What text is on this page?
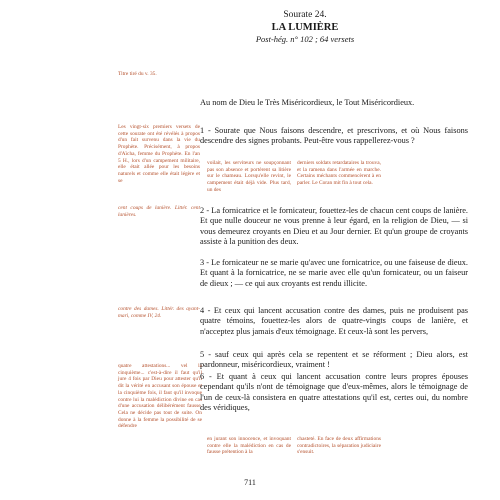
Sourate 24.
LA LUMIÈRE
Post-hég. n° 102 ; 64 versets
Titre tiré du v. 35.
Les vingt-six premiers versets de cette sourate ont été révélés à propos d'un fait survenu dans la vie du Prophète. Précisément, à propos d'Aïcha, femme du Prophète. En l'an 5 H., lors d'un campement militaire, elle était allée pour les besoins naturels et comme elle était légère et se
cent coups de lanière. Littér. cent lanières.
contre des dames. Littér. des ayant-mari, comme IV, 24.
quatre attestations... vel la cinquième... c'est-à-dire il faut qu'il jure 4 fois par Dieu pour attester qu'il dit la vérité en accusant son épouse et la cinquième fois, il faut qu'il invoque contre lui la malédiction divine en cas d'une accusation délibérément fausse. Cela ne décide pas tout de suite. On donne à la femme la possibilité de se défendre
voilait, les serviteurs ne soupçonnant pas son absence et portèrent sa litière sur le chameau. Lorsqu'elle revint, le campement était déjà vide. Plus tard, un des
derniers soldats retardataires la trouva, et la ramena dans l'armée en marche. Certains méchants commencèrent à en parler. Le Coran mit fin à tout cela.
Au nom de Dieu le Très Miséricordieux, le Tout Miséricordieux.
1 - Sourate que Nous faisons descendre, et prescrivons, et où Nous faisons descendre des signes probants. Peut-être vous rappellerez-vous ?
2 - La fornicatrice et le fornicateur, fouettez-les de chacun cent coups de lanière. Et que nulle douceur ne vous prenne à leur égard, en la religion de Dieu, — si vous demeurez croyants en Dieu et au Jour dernier. Et qu'un groupe de croyants assiste à la punition des deux.
3 - Le fornicateur ne se marie qu'avec une fornicatrice, ou une faiseuse de dieux. Et quant à la fornicatrice, ne se marie avec elle qu'un fornicateur, ou un faiseur de dieux ; — ce qui aux croyants est rendu illicite.
4 - Et ceux qui lancent accusation contre des dames, puis ne produisent pas quatre témoins, fouettez-les alors de quatre-vingts coups de lanière, et n'acceptez plus jamais d'eux témoignage. Et ceux-là sont les pervers,
5 - sauf ceux qui après cela se repentent et se réforment ; Dieu alors, est pardonneur, miséricordieux, vraiment !
6 - Et quant à ceux qui lancent accusation contre leurs propres épouses cependant qu'ils n'ont de témoignage que d'eux-mêmes, alors le témoignage de l'un de ceux-là consistera en quatre attestations qu'il est, certes oui, du nombre des véridiques,
en jurant son innocence, et invoquant contre elle la malédiction en cas de fausse prétention à la
chasteté. En face de deux affirmations contradictoires, la séparation judiciaire s'ensuit.
711
